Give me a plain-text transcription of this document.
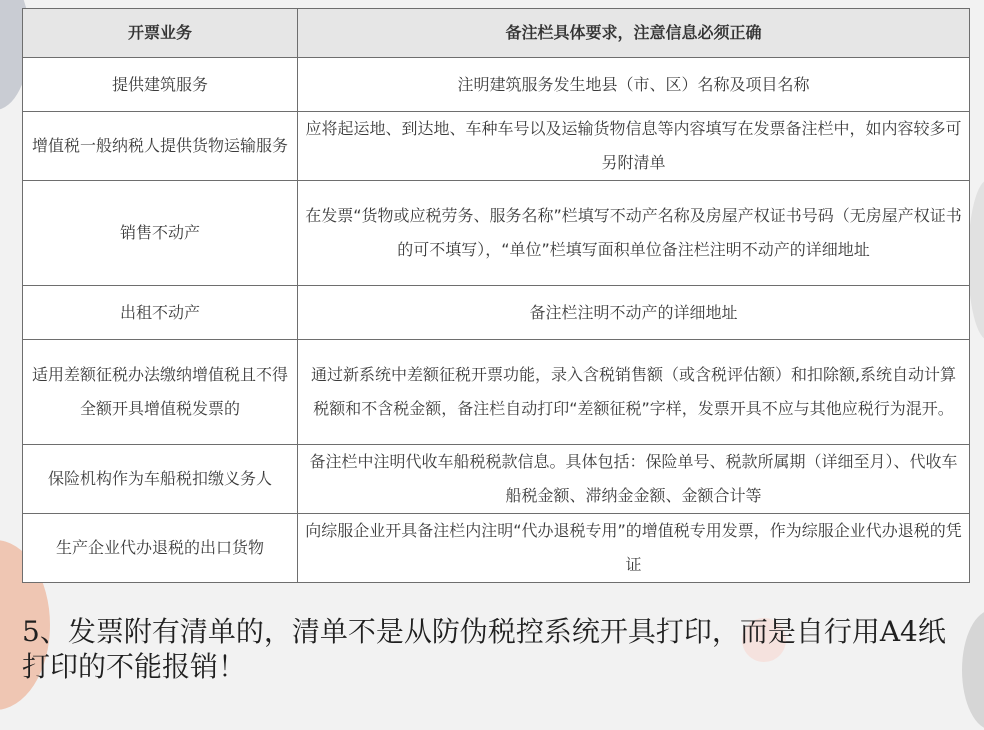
开票业务	备注栏具体要求，注意信息必须正确
提供建筑服务	注明建筑服务发生地县（市、区）名称及项目名称
增值税一般纳税人提供货物运输服务	应将起运地、到达地、车种车号以及运输货物信息等内容填写在发票备注栏中，如内容较多可另附清单
销售不动产	在发票“货物或应税劳务、服务名称”栏填写不动产名称及房屋产权证书号码（无房屋产权证书的可不填写），“单位”栏填写面积单位备注栏注明不动产的详细地址
出租不动产	备注栏注明不动产的详细地址
适用差额征税办法缴纳增值税且不得全额开具增值税发票的	通过新系统中差额征税开票功能，录入含税销售额（或含税评估额）和扣除额,系统自动计算税额和不含税金额，备注栏自动打印“差额征税”字样，发票开具不应与其他应税行为混开。
保险机构作为车船税扣缴义务人	备注栏中注明代收车船税税款信息。具体包括：保险单号、税款所属期（详细至月）、代收车船税金额、滞纳金金额、金额合计等
生产企业代办退税的出口货物	向综服企业开具备注栏内注明“代办退税专用”的增值税专用发票，作为综服企业代办退税的凭证
5、发票附有清单的，清单不是从防伪税控系统开具打印，而是自行用A4纸打印的不能报销！
